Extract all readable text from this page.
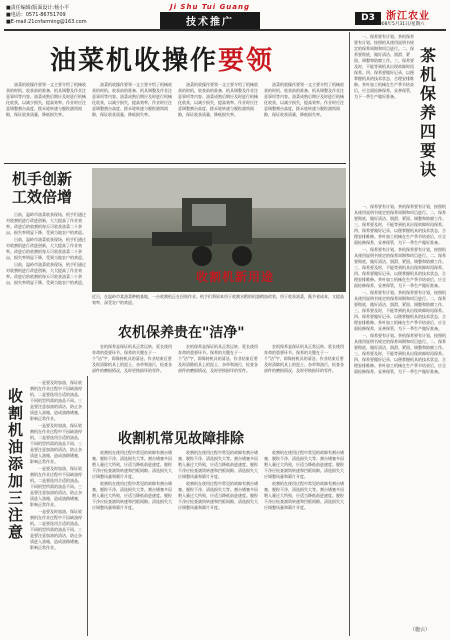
■责任编辑/版面设计:杨小平
■电话：0571-86751709
■E-mail:21cnfarming@163.com
Ji Shu Tui Guang
技术推广	D3	浙江农业
2008年5月31日/星期六
油菜机收操作要领

油菜机收操作要领一文主要介绍了机械收获的时机、收获前的准备、机具调整及作业注意事项等内容。油菜成熟后期应及时进行机械化收获，以减少损失，提高效率。作业时应注意调整割台高度、拨禾轮转速与脱粒滚筒间隙，保证收获质量，降低损失率。

油菜机收操作要领一文主要介绍了机械收获的时机、收获前的准备、机具调整及作业注意事项等内容。油菜成熟后期应及时进行机械化收获，以减少损失，提高效率。作业时应注意调整割台高度、拨禾轮转速与脱粒滚筒间隙，保证收获质量，降低损失率。

油菜机收操作要领一文主要介绍了机械收获的时机、收获前的准备、机具调整及作业注意事项等内容。油菜成熟后期应及时进行机械化收获，以减少损失，提高效率。作业时应注意调整割台高度、拨禾轮转速与脱粒滚筒间隙，保证收获质量，降低损失率。

油菜机收操作要领一文主要介绍了机械收获的时机、收获前的准备、机具调整及作业注意事项等内容。油菜成熟后期应及时进行机械化收获，以减少损失，提高效率。作业时应注意调整割台高度、拨禾轮转速与脱粒滚筒间隙，保证收获质量，降低损失率。

机手创新工效倍增

日前，温岭市油菜收获现场，机手们通过对收割机进行改进创新，大大提高了作业效率。改进后的收割机每天可收获油菜二十余亩，损失率明显下降，受到当地农户的欢迎。

日前，温岭市油菜收获现场，机手们通过对收割机进行改进创新，大大提高了作业效率。改进后的收割机每天可收获油菜二十余亩，损失率明显下降，受到当地农户的欢迎。

日前，温岭市油菜收获现场，机手们通过对收割机进行改进创新，大大提高了作业效率。改进后的收割机每天可收获油菜二十余亩，损失率明显下降，受到当地农户的欢迎。	收割机新用途
近日，在温岭市某油菜种植基地，一台收割机正在田间作业。机手们将原本用于收割水稻的机器稍加改装，用于收获油菜，既节省成本，又提高效率，深受农户的欢迎。
收割机油添加三注意

一是要及时加油，保证收割机在作业过程中不因缺油停机。二是要选用合适的油品，不同机型所需的油品不同。三是要注意加油的清洁，防止杂质进入油箱，造成油路堵塞，影响正常作业。

一是要及时加油，保证收割机在作业过程中不因缺油停机。二是要选用合适的油品，不同机型所需的油品不同。三是要注意加油的清洁，防止杂质进入油箱，造成油路堵塞，影响正常作业。

一是要及时加油，保证收割机在作业过程中不因缺油停机。二是要选用合适的油品，不同机型所需的油品不同。三是要注意加油的清洁，防止杂质进入油箱，造成油路堵塞，影响正常作业。

一是要及时加油，保证收割机在作业过程中不因缺油停机。二是要选用合适的油品，不同机型所需的油品不同。三是要注意加油的清洁，防止杂质进入油箱，造成油路堵塞，影响正常作业。

农机保养贵在"洁净"

农机保养是保证机具正常运转、延长使用寿命的重要环节。保养的关键在于一个"洁"字，即保持机具的清洁。作业结束后要及时清除机具上的泥土、杂草和油污，检查各部件的磨损情况，及时更换损坏的零件。

农机保养是保证机具正常运转、延长使用寿命的重要环节。保养的关键在于一个"洁"字，即保持机具的清洁。作业结束后要及时清除机具上的泥土、杂草和油污，检查各部件的磨损情况，及时更换损坏的零件。

农机保养是保证机具正常运转、延长使用寿命的重要环节。保养的关键在于一个"洁"字，即保持机具的清洁。作业结束后要及时清除机具上的泥土、杂草和油污，检查各部件的磨损情况，及时更换损坏的零件。

收割机常见故障排除

收割机在使用过程中常见的故障有割台堵塞、脱粒不净、清选损失大等。割台堵塞多因喂入量过大所致，应适当降低前进速度。脱粒不净应检查滚筒转速和凹板间隙。清选损失大应调整风量和筛片开度。

收割机在使用过程中常见的故障有割台堵塞、脱粒不净、清选损失大等。割台堵塞多因喂入量过大所致，应适当降低前进速度。脱粒不净应检查滚筒转速和凹板间隙。清选损失大应调整风量和筛片开度。

收割机在使用过程中常见的故障有割台堵塞、脱粒不净、清选损失大等。割台堵塞多因喂入量过大所致，应适当降低前进速度。脱粒不净应检查滚筒转速和凹板间隙。清选损失大应调整风量和筛片开度。

收割机在使用过程中常见的故障有割台堵塞、脱粒不净、清选损失大等。割台堵塞多因喂入量过大所致，应适当降低前进速度。脱粒不净应检查滚筒转速和凹板间隙。清选损失大应调整风量和筛片开度。

收割机在使用过程中常见的故障有割台堵塞、脱粒不净、清选损失大等。割台堵塞多因喂入量过大所致，应适当降低前进速度。脱粒不净应检查滚筒转速和凹板间隙。清选损失大应调整风量和筛片开度。

收割机在使用过程中常见的故障有割台堵塞、脱粒不净、清选损失大等。割台堵塞多因喂入量过大所致，应适当降低前进速度。脱粒不净应检查滚筒转速和凹板间隙。清选损失大应调整风量和筛片开度。

茶机保养四要诀

一、保养要有计划。茶机保养要有计划，按照机具使用说明书规定的保养周期和项目进行。二、保养要彻底，做好清洁、润滑、紧固、调整和防腐工作。三、保养要及时，不能等到机具出现故障时再保养。四、保养要做好记录，以便掌握机具的技术状态，合理安排维修。茶叶加工机械在生产季节结束后，应全面检修保养，妥善保管，为下一季生产做好准备。

一、保养要有计划。茶机保养要有计划，按照机具使用说明书规定的保养周期和项目进行。二、保养要彻底，做好清洁、润滑、紧固、调整和防腐工作。三、保养要及时，不能等到机具出现故障时再保养。四、保养要做好记录，以便掌握机具的技术状态，合理安排维修。茶叶加工机械在生产季节结束后，应全面检修保养，妥善保管，为下一季生产做好准备。

一、保养要有计划。茶机保养要有计划，按照机具使用说明书规定的保养周期和项目进行。二、保养要彻底，做好清洁、润滑、紧固、调整和防腐工作。三、保养要及时，不能等到机具出现故障时再保养。四、保养要做好记录，以便掌握机具的技术状态，合理安排维修。茶叶加工机械在生产季节结束后，应全面检修保养，妥善保管，为下一季生产做好准备。

一、保养要有计划。茶机保养要有计划，按照机具使用说明书规定的保养周期和项目进行。二、保养要彻底，做好清洁、润滑、紧固、调整和防腐工作。三、保养要及时，不能等到机具出现故障时再保养。四、保养要做好记录，以便掌握机具的技术状态，合理安排维修。茶叶加工机械在生产季节结束后，应全面检修保养，妥善保管，为下一季生产做好准备。

一、保养要有计划。茶机保养要有计划，按照机具使用说明书规定的保养周期和项目进行。二、保养要彻底，做好清洁、润滑、紧固、调整和防腐工作。三、保养要及时，不能等到机具出现故障时再保养。四、保养要做好记录，以便掌握机具的技术状态，合理安排维修。茶叶加工机械在生产季节结束后，应全面检修保养，妥善保管，为下一季生产做好准备。

（施云）
